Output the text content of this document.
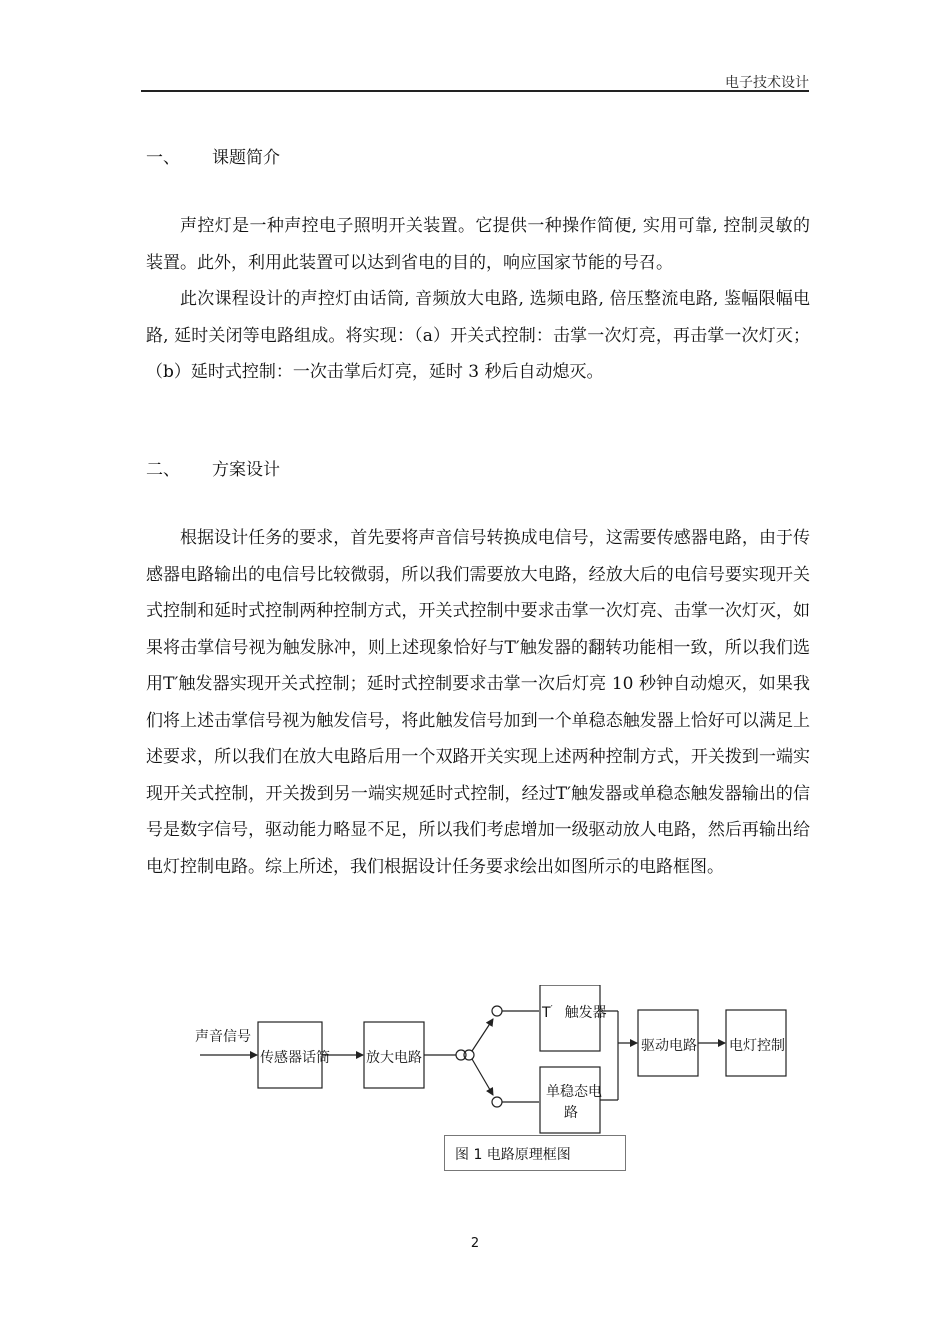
电子技术设计
一、 课题简介

声控灯是一种声控电子照明开关装置。它提供一种操作简便, 实用可靠, 控制灵敏的装置。此外，利用此装置可以达到省电的目的，响应国家节能的号召。

此次课程设计的声控灯由话筒, 音频放大电路, 选频电路, 倍压整流电路, 鉴幅限幅电路, 延时关闭等电路组成。将实现：（a）开关式控制：击掌一次灯亮，再击掌一次灯灭；（b）延时式控制：一次击掌后灯亮，延时 3 秒后自动熄灭。

二、 方案设计

根据设计任务的要求，首先要将声音信号转换成电信号，这需要传感器电路，由于传感器电路输出的电信号比较微弱，所以我们需要放大电路，经放大后的电信号要实现开关式控制和延时式控制两种控制方式，开关式控制中要求击掌一次灯亮、击掌一次灯灭，如果将击掌信号视为触发脉冲，则上述现象恰好与T′触发器的翻转功能相一致，所以我们选用T′触发器实现开关式控制；延时式控制要求击掌一次后灯亮 10 秒钟自动熄灭，如果我们将上述击掌信号视为触发信号，将此触发信号加到一个单稳态触发器上恰好可以满足上述要求，所以我们在放大电路后用一个双路开关实现上述两种控制方式，开关拨到一端实现开关式控制，开关拨到另一端实规延时式控制，经过T′触发器或单稳态触发器输出的信号是数字信号，驱动能力略显不足，所以我们考虑增加一级驱动放人电路，然后再输出给电灯控制电路。综上所述，我们根据设计任务要求绘出如图所示的电路框图。

声音信号
传感器话筒	放大电路
T′ 触发器
单稳态电
路
驱动电路 电灯控制
图 1 电路原理框图
2
